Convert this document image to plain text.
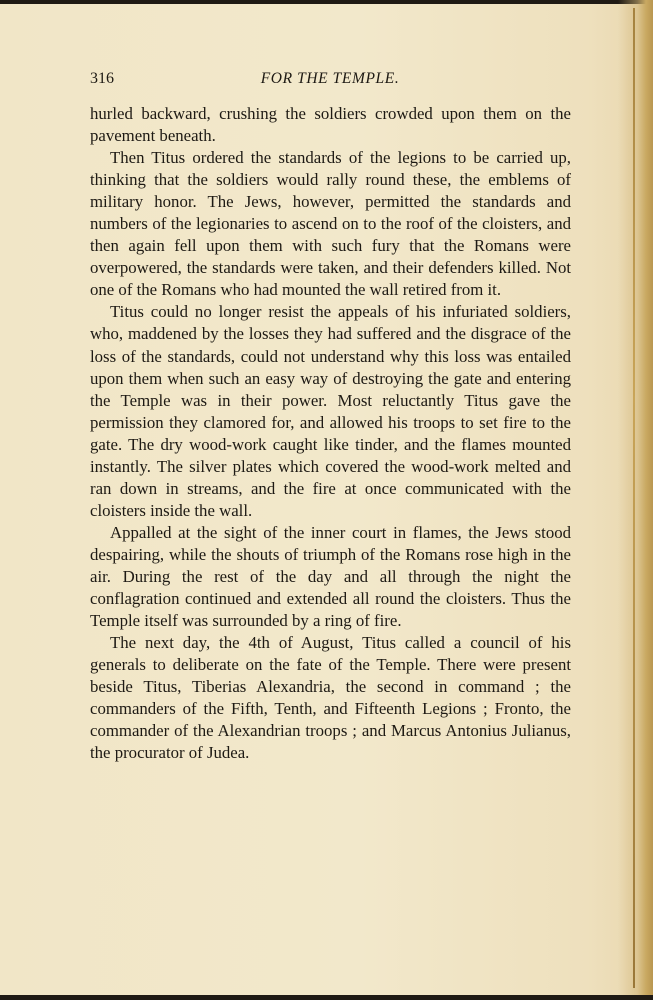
316	FOR THE TEMPLE.

hurled backward, crushing the soldiers crowded upon them on the pavement beneath.

Then Titus ordered the standards of the legions to be carried up, thinking that the soldiers would rally round these, the emblems of military honor. The Jews, however, permitted the standards and numbers of the legionaries to ascend on to the roof of the cloisters, and then again fell upon them with such fury that the Romans were overpowered, the standards were taken, and their defenders killed. Not one of the Romans who had mounted the wall retired from it.

Titus could no longer resist the appeals of his infuriated soldiers, who, maddened by the losses they had suffered and the disgrace of the loss of the standards, could not understand why this loss was entailed upon them when such an easy way of destroying the gate and entering the Temple was in their power. Most reluctantly Titus gave the permission they clamored for, and allowed his troops to set fire to the gate. The dry wood-work caught like tinder, and the flames mounted instantly. The silver plates which covered the wood-work melted and ran down in streams, and the fire at once communicated with the cloisters inside the wall.

Appalled at the sight of the inner court in flames, the Jews stood despairing, while the shouts of triumph of the Romans rose high in the air. During the rest of the day and all through the night the conflagration continued and extended all round the cloisters. Thus the Temple itself was surrounded by a ring of fire.

The next day, the 4th of August, Titus called a council of his generals to deliberate on the fate of the Temple. There were present beside Titus, Tiberias Alexandria, the second in command ; the commanders of the Fifth, Tenth, and Fifteenth Legions ; Fronto, the commander of the Alexandrian troops ; and Marcus Antonius Julianus, the procurator of Judea.
